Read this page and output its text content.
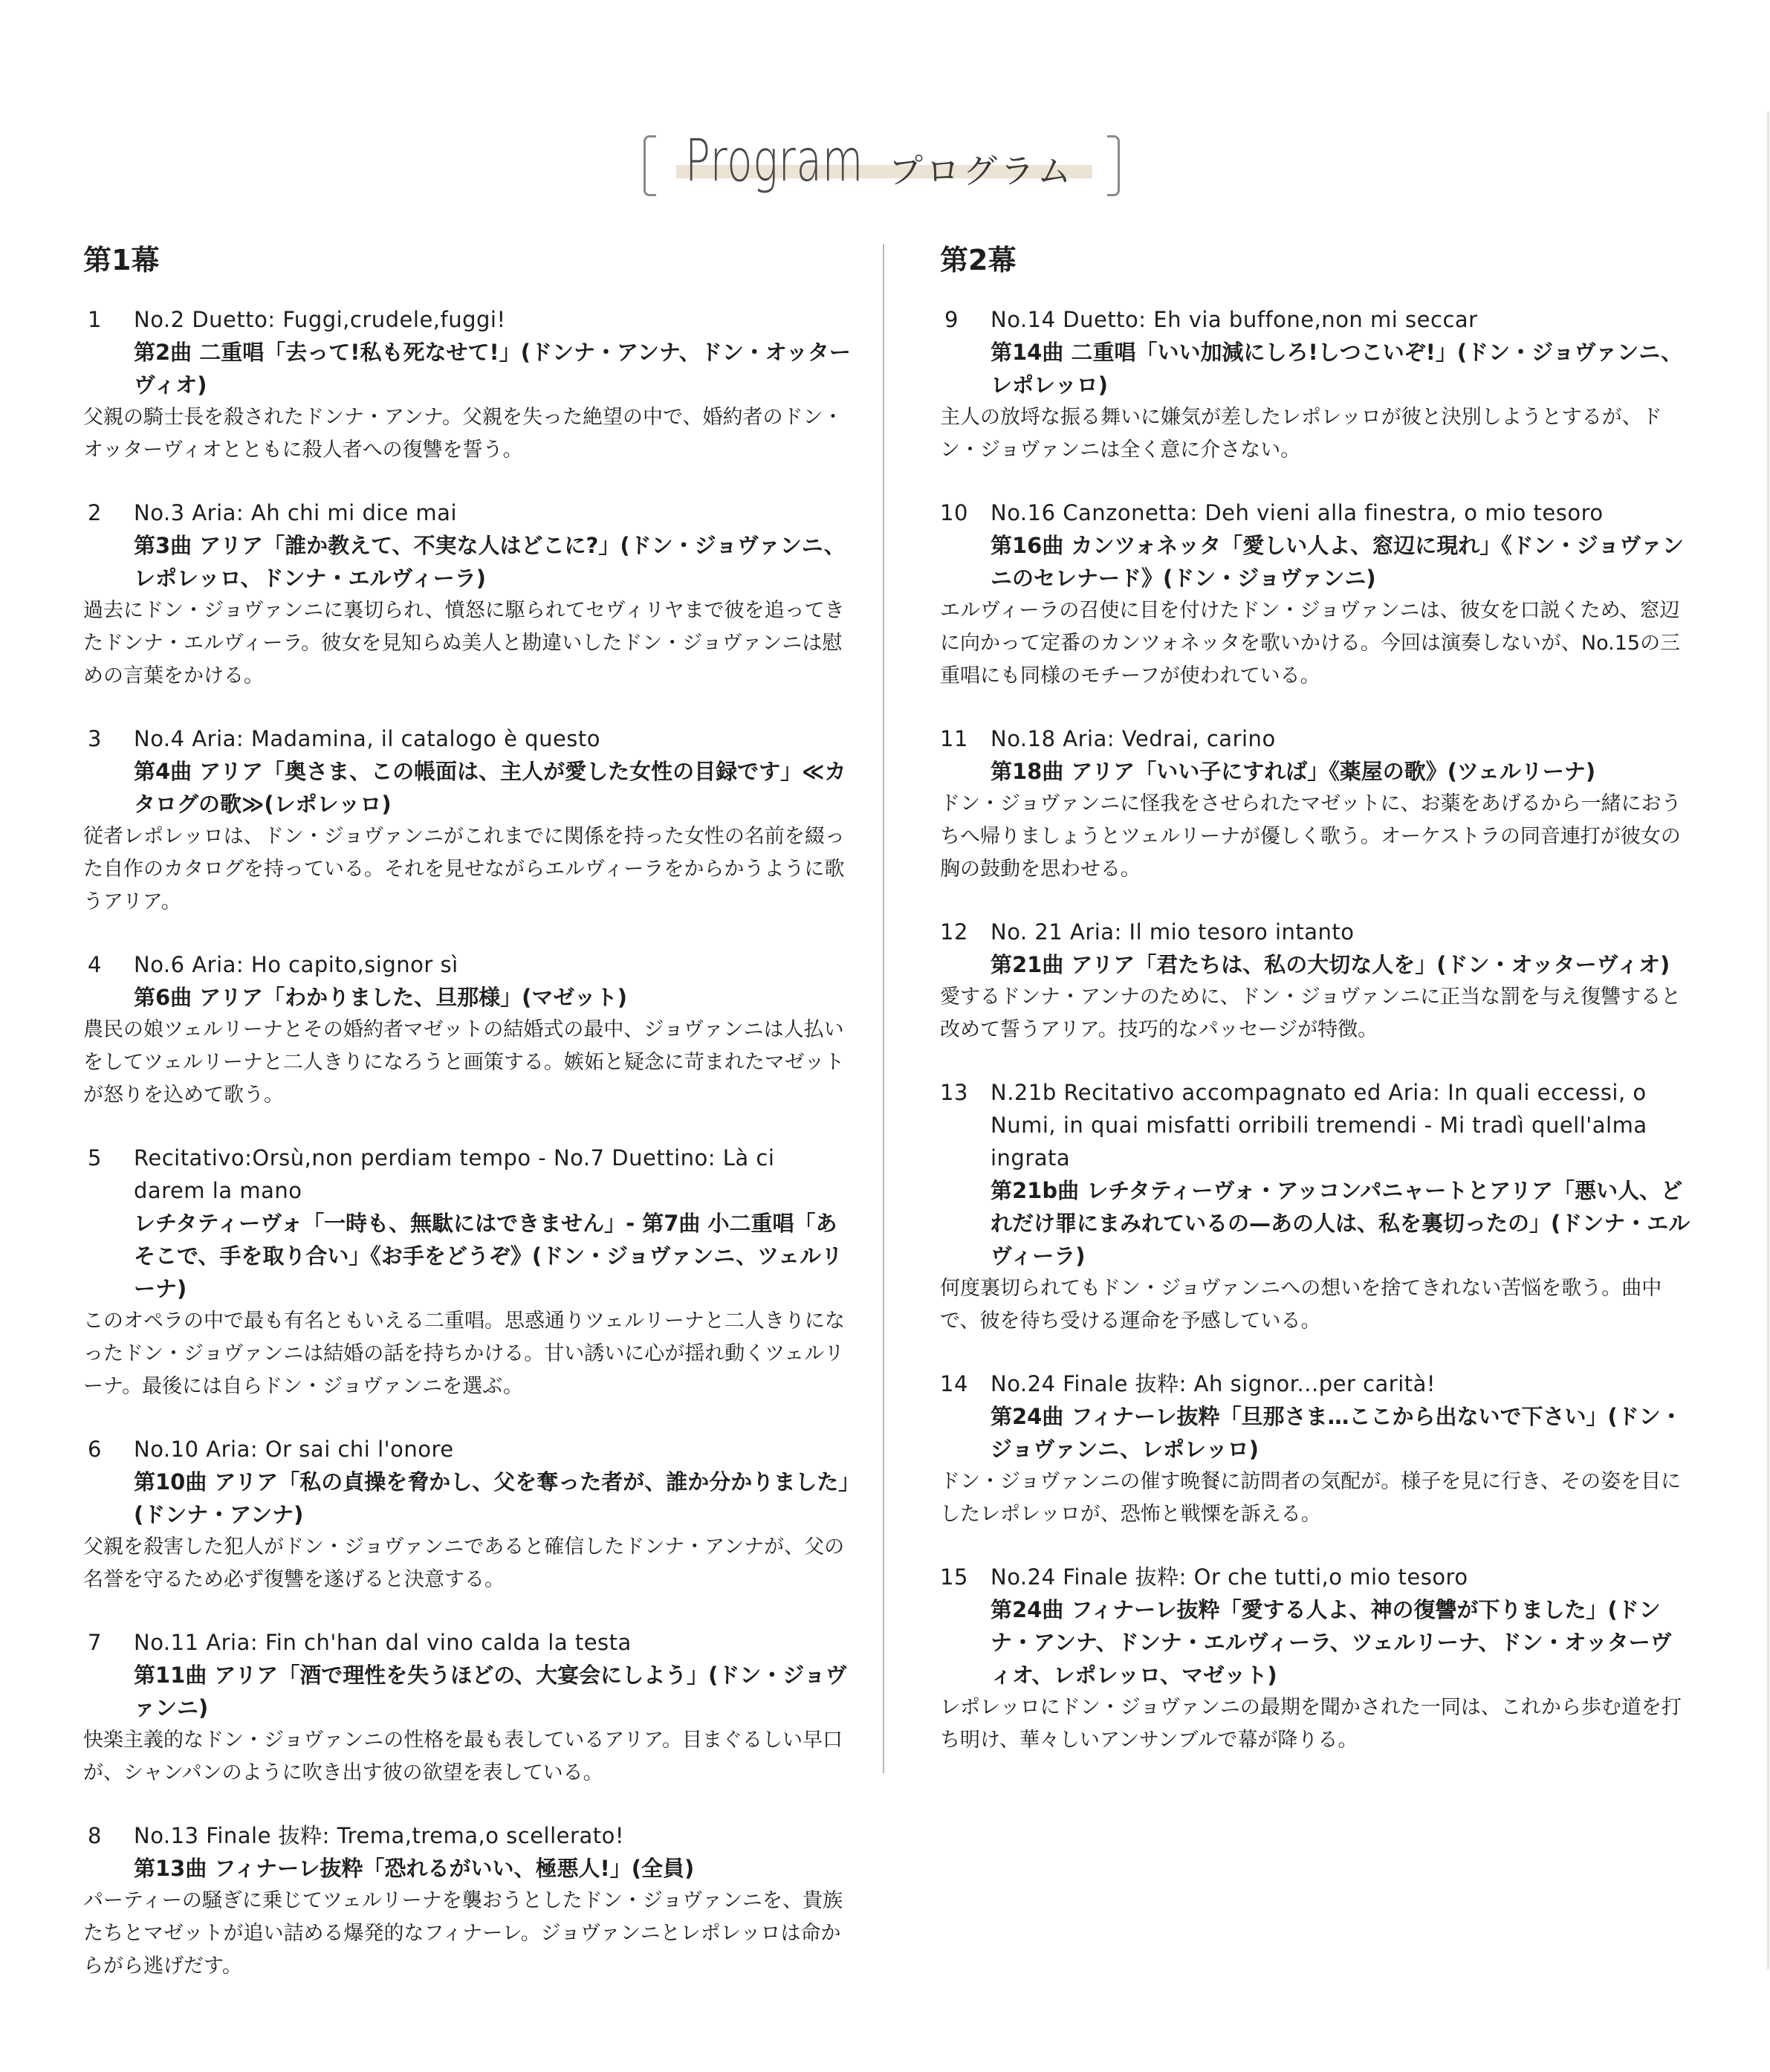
Program プログラム
第1幕
1 No.2 Duetto: Fuggi,crudele,fuggi!
第2曲 二重唱「去って!私も死なせて!」(ドンナ・アンナ、ドン・オッターヴィオ)
父親の騎士長を殺されたドンナ・アンナ。父親を失った絶望の中で、婚約者のドン・オッターヴィオとともに殺人者への復讐を誓う。
2 No.3 Aria: Ah chi mi dice mai
第3曲 アリア「誰か教えて、不実な人はどこに?」(ドン・ジョヴァンニ、レポレッロ、ドンナ・エルヴィーラ)
過去にドン・ジョヴァンニに裏切られ、憤怒に駆られてセヴィリヤまで彼を追ってきたドンナ・エルヴィーラ。彼女を見知らぬ美人と勘違いしたドン・ジョヴァンニは慰めの言葉をかける。
3 No.4 Aria: Madamina, il catalogo è questo
第4曲 アリア「奥さま、この帳面は、主人が愛した女性の目録です」≪カタログの歌≫(レポレッロ)
従者レポレッロは、ドン・ジョヴァンニがこれまでに関係を持った女性の名前を綴った自作のカタログを持っている。それを見せながらエルヴィーラをからかうように歌うアリア。
4 No.6 Aria: Ho capito,signor sì
第6曲 アリア「わかりました、旦那様」(マゼット)
農民の娘ツェルリーナとその婚約者マゼットの結婚式の最中、ジョヴァンニは人払いをしてツェルリーナと二人きりになろうと画策する。嫉妬と疑念に苛まれたマゼットが怒りを込めて歌う。
5 Recitativo:Orsù,non perdiam tempo - No.7 Duettino: Là ci darem la mano
レチタティーヴォ「一時も、無駄にはできません」- 第7曲 小二重唱「あそこで、手を取り合い」《お手をどうぞ》(ドン・ジョヴァンニ、ツェルリーナ)
このオペラの中で最も有名ともいえる二重唱。思惑通りツェルリーナと二人きりになったドン・ジョヴァンニは結婚の話を持ちかける。甘い誘いに心が揺れ動くツェルリーナ。最後には自らドン・ジョヴァンニを選ぶ。
6 No.10 Aria: Or sai chi l'onore
第10曲 アリア「私の貞操を脅かし、父を奪った者が、誰か分かりました」(ドンナ・アンナ)
父親を殺害した犯人がドン・ジョヴァンニであると確信したドンナ・アンナが、父の名誉を守るため必ず復讐を遂げると決意する。
7 No.11 Aria: Fin ch'han dal vino calda la testa
第11曲 アリア「酒で理性を失うほどの、大宴会にしよう」(ドン・ジョヴァンニ)
快楽主義的なドン・ジョヴァンニの性格を最も表しているアリア。目まぐるしい早口が、シャンパンのように吹き出す彼の欲望を表している。
8 No.13 Finale 抜粋: Trema,trema,o scellerato!
第13曲 フィナーレ抜粋「恐れるがいい、極悪人!」(全員)
パーティーの騒ぎに乗じてツェルリーナを襲おうとしたドン・ジョヴァンニを、貴族たちとマゼットが追い詰める爆発的なフィナーレ。ジョヴァンニとレポレッロは命からがら逃げだす。
第2幕
9 No.14 Duetto: Eh via buffone,non mi seccar
第14曲 二重唱「いい加減にしろ!しつこいぞ!」(ドン・ジョヴァンニ、レポレッロ)
主人の放埒な振る舞いに嫌気が差したレポレッロが彼と決別しようとするが、ドン・ジョヴァンニは全く意に介さない。
10 No.16 Canzonetta: Deh vieni alla finestra, o mio tesoro
第16曲 カンツォネッタ「愛しい人よ、窓辺に現れ」《ドン・ジョヴァンニのセレナード》(ドン・ジョヴァンニ)
エルヴィーラの召使に目を付けたドン・ジョヴァンニは、彼女を口説くため、窓辺に向かって定番のカンツォネッタを歌いかける。今回は演奏しないが、No.15の三重唱にも同様のモチーフが使われている。
11 No.18 Aria: Vedrai, carino
第18曲 アリア「いい子にすれば」《薬屋の歌》(ツェルリーナ)
ドン・ジョヴァンニに怪我をさせられたマゼットに、お薬をあげるから一緒におうちへ帰りましょうとツェルリーナが優しく歌う。オーケストラの同音連打が彼女の胸の鼓動を思わせる。
12 No. 21 Aria: Il mio tesoro intanto
第21曲 アリア「君たちは、私の大切な人を」(ドン・オッターヴィオ)
愛するドンナ・アンナのために、ドン・ジョヴァンニに正当な罰を与え復讐すると改めて誓うアリア。技巧的なパッセージが特徴。
13 N.21b Recitativo accompagnato ed Aria: In quali eccessi, o Numi, in quai misfatti orribili tremendi - Mi tradì quell'alma ingrata
第21b曲 レチタティーヴォ・アッコンパニャートとアリア「悪い人、どれだけ罪にまみれているの—あの人は、私を裏切ったの」(ドンナ・エルヴィーラ)
何度裏切られてもドン・ジョヴァンニへの想いを捨てきれない苦悩を歌う。曲中で、彼を待ち受ける運命を予感している。
14 No.24 Finale 抜粋: Ah signor...per carità!
第24曲 フィナーレ抜粋「旦那さま…ここから出ないで下さい」(ドン・ジョヴァンニ、レポレッロ)
ドン・ジョヴァンニの催す晩餐に訪問者の気配が。様子を見に行き、その姿を目にしたレポレッロが、恐怖と戦慄を訴える。
15 No.24 Finale 抜粋: Or che tutti,o mio tesoro
第24曲 フィナーレ抜粋「愛する人よ、神の復讐が下りました」(ドンナ・アンナ、ドンナ・エルヴィーラ、ツェルリーナ、ドン・オッターヴィオ、レポレッロ、マゼット)
レポレッロにドン・ジョヴァンニの最期を聞かされた一同は、これから歩む道を打ち明け、華々しいアンサンブルで幕が降りる。
